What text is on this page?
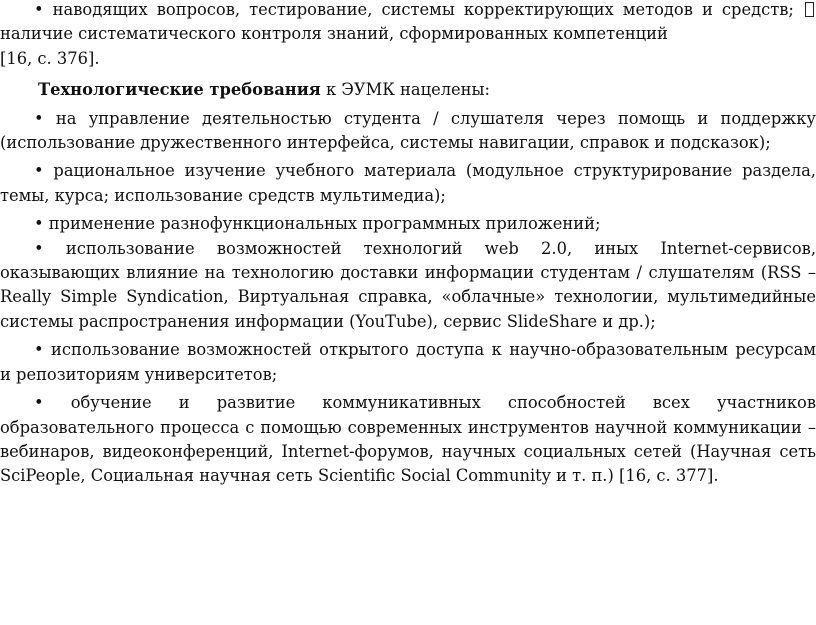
• наводящих вопросов, тестирование, системы корректирующих методов и средств;  наличие систематического контроля знаний, сформированных компетенций

[16, с. 376].

Технологические требования к ЭУМК нацелены:

• на управление деятельностью студента / слушателя через помощь и поддержку (использование дружественного интерфейса, системы навигации, справок и подсказок);

• рациональное изучение учебного материала (модульное структурирование раздела, темы, курса; использование средств мультимедиа);

• применение разнофункциональных программных приложений;

• использование возможностей технологий web 2.0, иных Internet-сервисов, оказывающих влияние на технологию доставки информации студентам / слушателям (RSS – Really Simple Syndication, Виртуальная справка, «облачные» технологии, мультимедийные системы распространения информации (YouTube), сервис SlideShare и др.);

• использование возможностей открытого доступа к научно-образовательным ресурсам и репозиториям университетов;

• обучение и развитие коммуникативных способностей всех участников образовательного процесса с помощью современных инструментов научной коммуникации – вебинаров, видеоконференций, Internet-форумов, научных социальных сетей (Научная сеть SciPeople, Социальная научная сеть Scientific Social Community и т. п.) [16, с. 377].
